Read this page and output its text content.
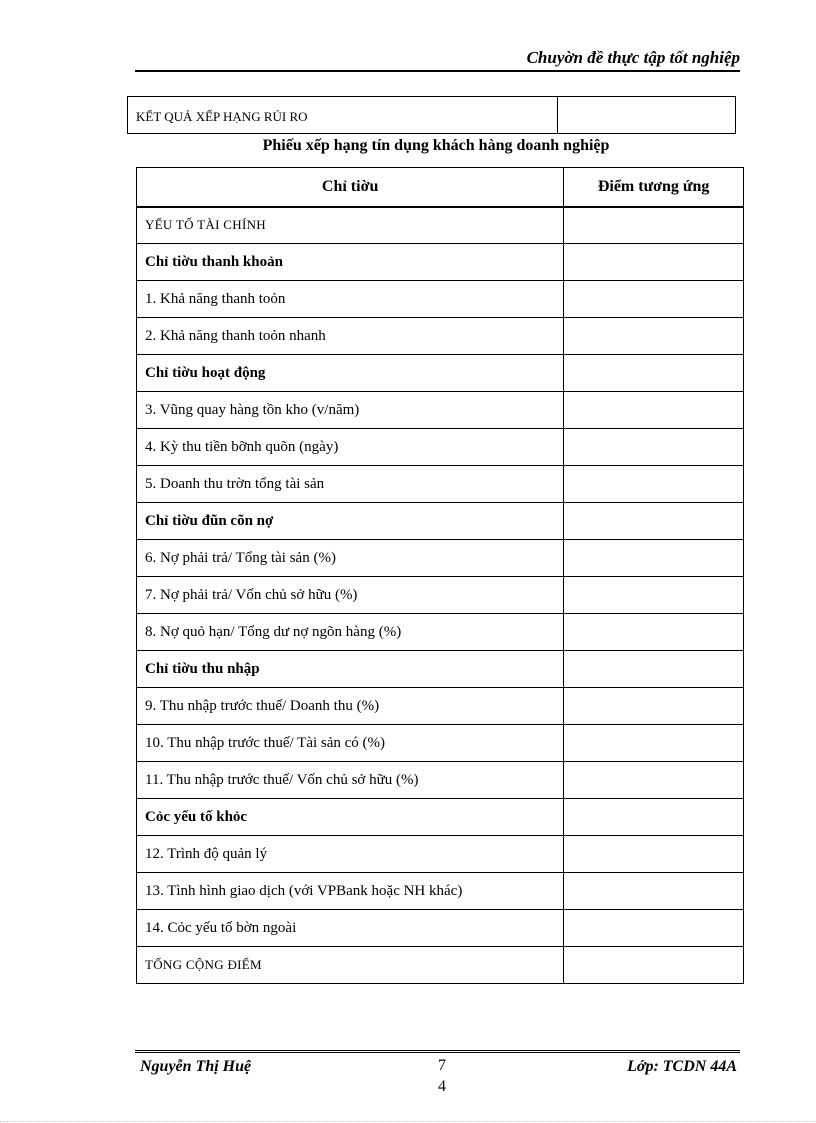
Chuyờn đề thực tập tốt nghiệp
KẾT QUẢ XẾP HẠNG RỦI RO
Phiếu xếp hạng tín dụng khách hàng doanh nghiệp
Chỉ tiờu	Điểm tương ứng
YẾU TỐ TÀI CHÍNH	
Chỉ tiờu thanh khoản	
1. Khả năng thanh toỏn	
2. Khả năng thanh toỏn nhanh	
Chỉ tiờu hoạt động	
3. Vũng quay hàng tồn kho (v/năm)	
4. Kỳ thu tiền bỡnh quõn (ngày)	
5. Doanh thu trờn tổng tài sản	
Chỉ tiờu đũn cõn nợ	
6. Nợ phải trả/ Tổng tài sản (%)	
7. Nợ phải trả/ Vốn chủ sở hữu (%)	
8. Nợ quỏ hạn/ Tổng dư nợ ngõn hàng (%)	
Chỉ tiờu thu nhập	
9. Thu nhập trước thuế/ Doanh thu (%)	
10. Thu nhập trước thuế/ Tài sản có (%)	
11. Thu nhập trước thuế/ Vốn chủ sở hữu (%)	
Cỏc yếu tố khỏc	
12. Trình độ quản lý	
13. Tình hình giao dịch (với VPBank hoặc NH khác)	
14. Cỏc yếu tố bờn ngoài	
TỔNG CỘNG ĐIỂM	
Nguyễn Thị Huệ	7
4
Lớp: TCDN 44A
